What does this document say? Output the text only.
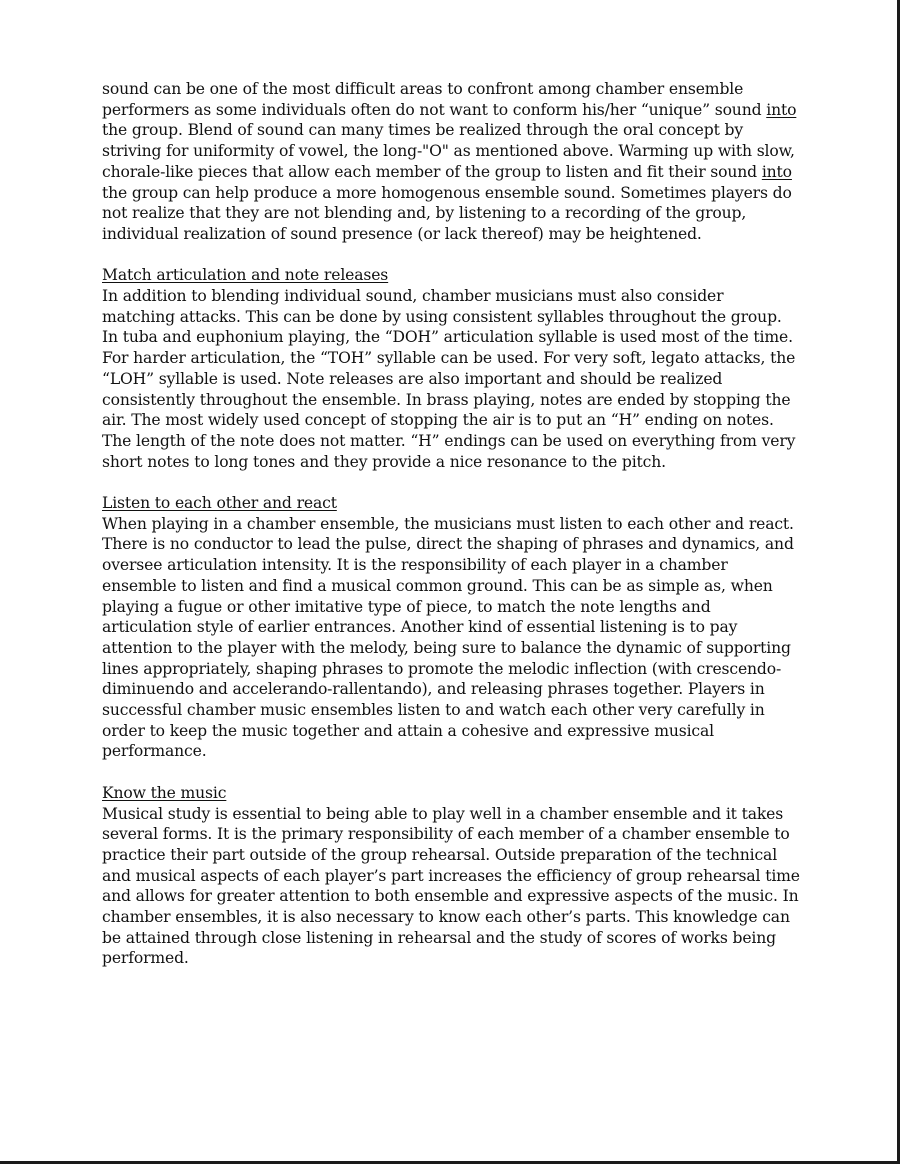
sound can be one of the most difficult areas to confront among chamber ensemble performers as some individuals often do not want to conform his/her “unique” sound into the group. Blend of sound can many times be realized through the oral concept by striving for uniformity of vowel, the long-"O" as mentioned above. Warming up with slow, chorale-like pieces that allow each member of the group to listen and fit their sound into the group can help produce a more homogenous ensemble sound. Sometimes players do not realize that they are not blending and, by listening to a recording of the group, individual realization of sound presence (or lack thereof) may be heightened.

Match articulation and note releases

In addition to blending individual sound, chamber musicians must also consider matching attacks. This can be done by using consistent syllables throughout the group. In tuba and euphonium playing, the “DOH” articulation syllable is used most of the time. For harder articulation, the “TOH” syllable can be used. For very soft, legato attacks, the “LOH” syllable is used. Note releases are also important and should be realized consistently throughout the ensemble. In brass playing, notes are ended by stopping the air. The most widely used concept of stopping the air is to put an “H” ending on notes. The length of the note does not matter. “H” endings can be used on everything from very short notes to long tones and they provide a nice resonance to the pitch.

Listen to each other and react

When playing in a chamber ensemble, the musicians must listen to each other and react. There is no conductor to lead the pulse, direct the shaping of phrases and dynamics, and oversee articulation intensity. It is the responsibility of each player in a chamber ensemble to listen and find a musical common ground. This can be as simple as, when playing a fugue or other imitative type of piece, to match the note lengths and articulation style of earlier entrances. Another kind of essential listening is to pay attention to the player with the melody, being sure to balance the dynamic of supporting lines appropriately, shaping phrases to promote the melodic inflection (with crescendo-diminuendo and accelerando-rallentando), and releasing phrases together. Players in successful chamber music ensembles listen to and watch each other very carefully in order to keep the music together and attain a cohesive and expressive musical performance.

Know the music

Musical study is essential to being able to play well in a chamber ensemble and it takes several forms. It is the primary responsibility of each member of a chamber ensemble to practice their part outside of the group rehearsal. Outside preparation of the technical and musical aspects of each player’s part increases the efficiency of group rehearsal time and allows for greater attention to both ensemble and expressive aspects of the music. In chamber ensembles, it is also necessary to know each other’s parts. This knowledge can be attained through close listening in rehearsal and the study of scores of works being performed.
